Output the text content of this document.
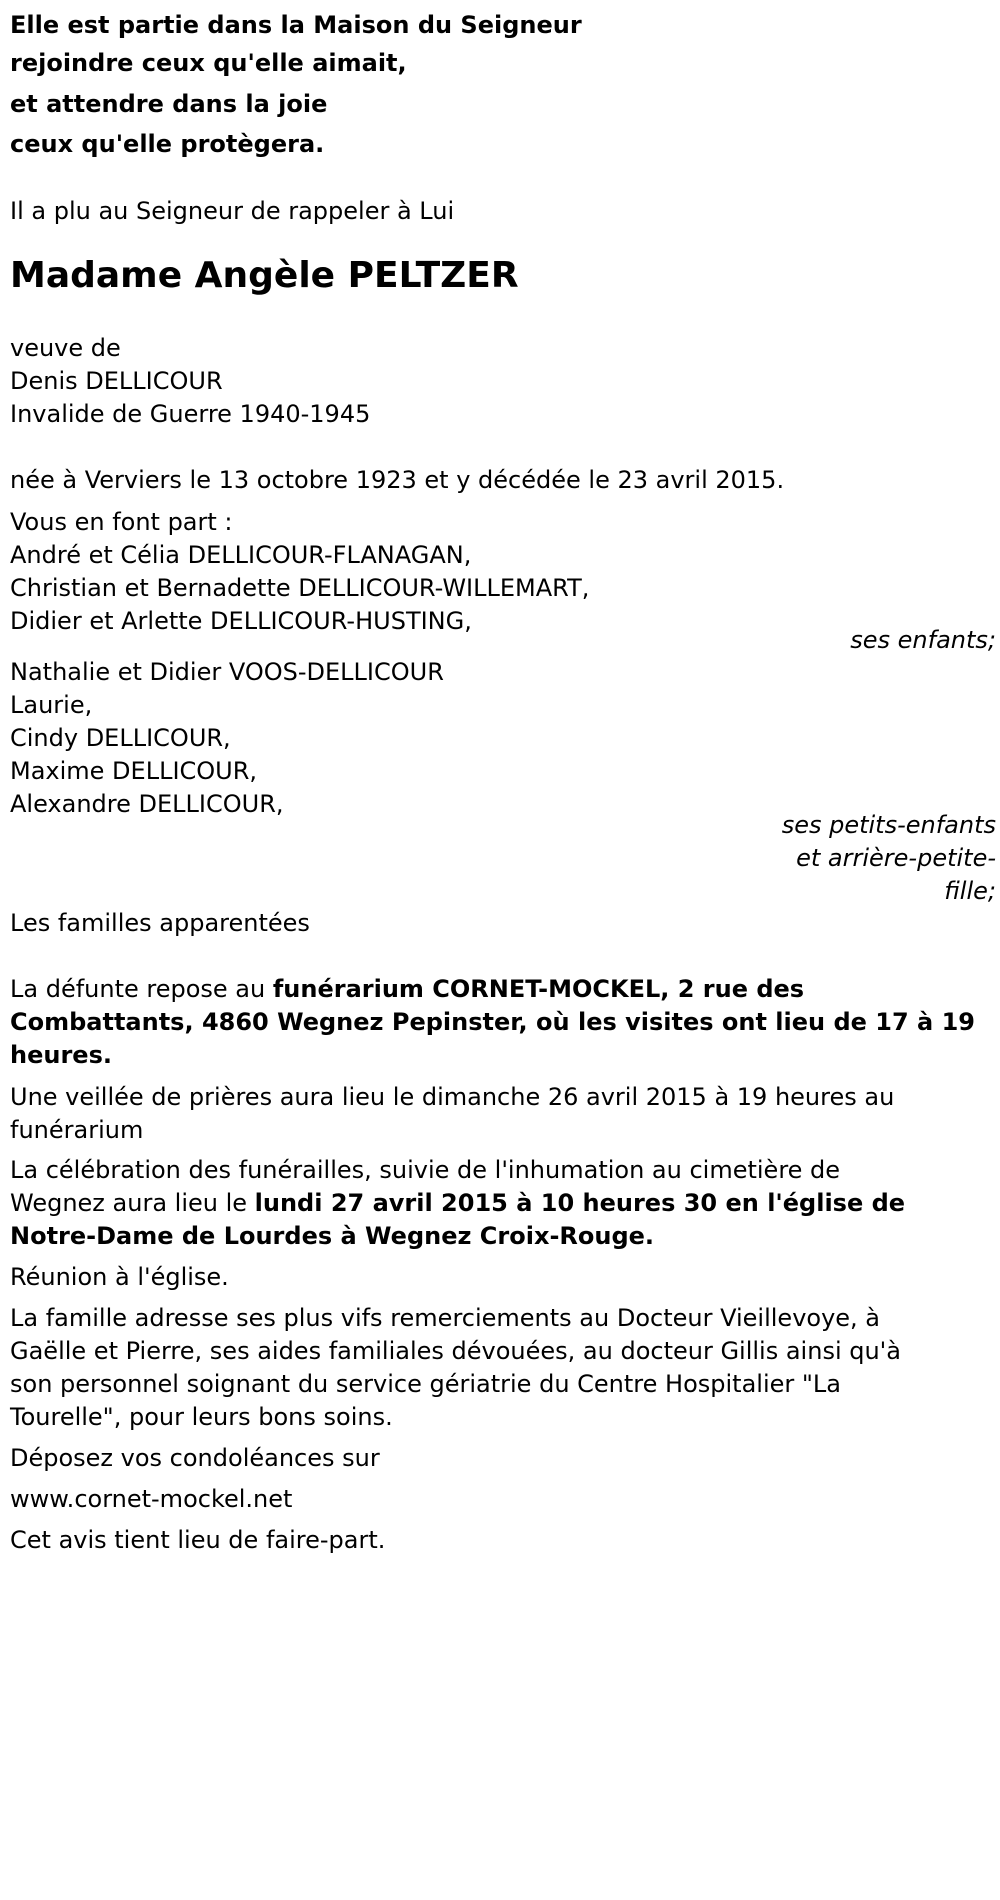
Elle est partie dans la Maison du Seigneur
rejoindre ceux qu'elle aimait,
et attendre dans la joie
ceux qu'elle protègera.
Il a plu au Seigneur de rappeler à Lui
Madame Angèle PELTZER
veuve de
Denis DELLICOUR
Invalide de Guerre 1940-1945
née à Verviers le 13 octobre 1923 et y décédée le 23 avril 2015.
Vous en font part :
André et Célia DELLICOUR-FLANAGAN,
Christian et Bernadette DELLICOUR-WILLEMART,
Didier et Arlette DELLICOUR-HUSTING,
ses enfants;
Nathalie et Didier VOOS-DELLICOUR
Laurie,
Cindy DELLICOUR,
Maxime DELLICOUR,
Alexandre DELLICOUR,
ses petits-enfants
et arrière-petite-
fille;
Les familles apparentées
La défunte repose au funérarium CORNET-MOCKEL, 2 rue des
Combattants, 4860 Wegnez Pepinster, où les visites ont lieu de 17 à 19
heures.
Une veillée de prières aura lieu le dimanche 26 avril 2015 à 19 heures au
funérarium
La célébration des funérailles, suivie de l'inhumation au cimetière de
Wegnez aura lieu le lundi 27 avril 2015 à 10 heures 30 en l'église de
Notre-Dame de Lourdes à Wegnez Croix-Rouge.
Réunion à l'église.
La famille adresse ses plus vifs remerciements au Docteur Vieillevoye, à
Gaëlle et Pierre, ses aides familiales dévouées, au docteur Gillis ainsi qu'à
son personnel soignant du service gériatrie du Centre Hospitalier "La
Tourelle", pour leurs bons soins.
Déposez vos condoléances sur
www.cornet-mockel.net
Cet avis tient lieu de faire-part.
